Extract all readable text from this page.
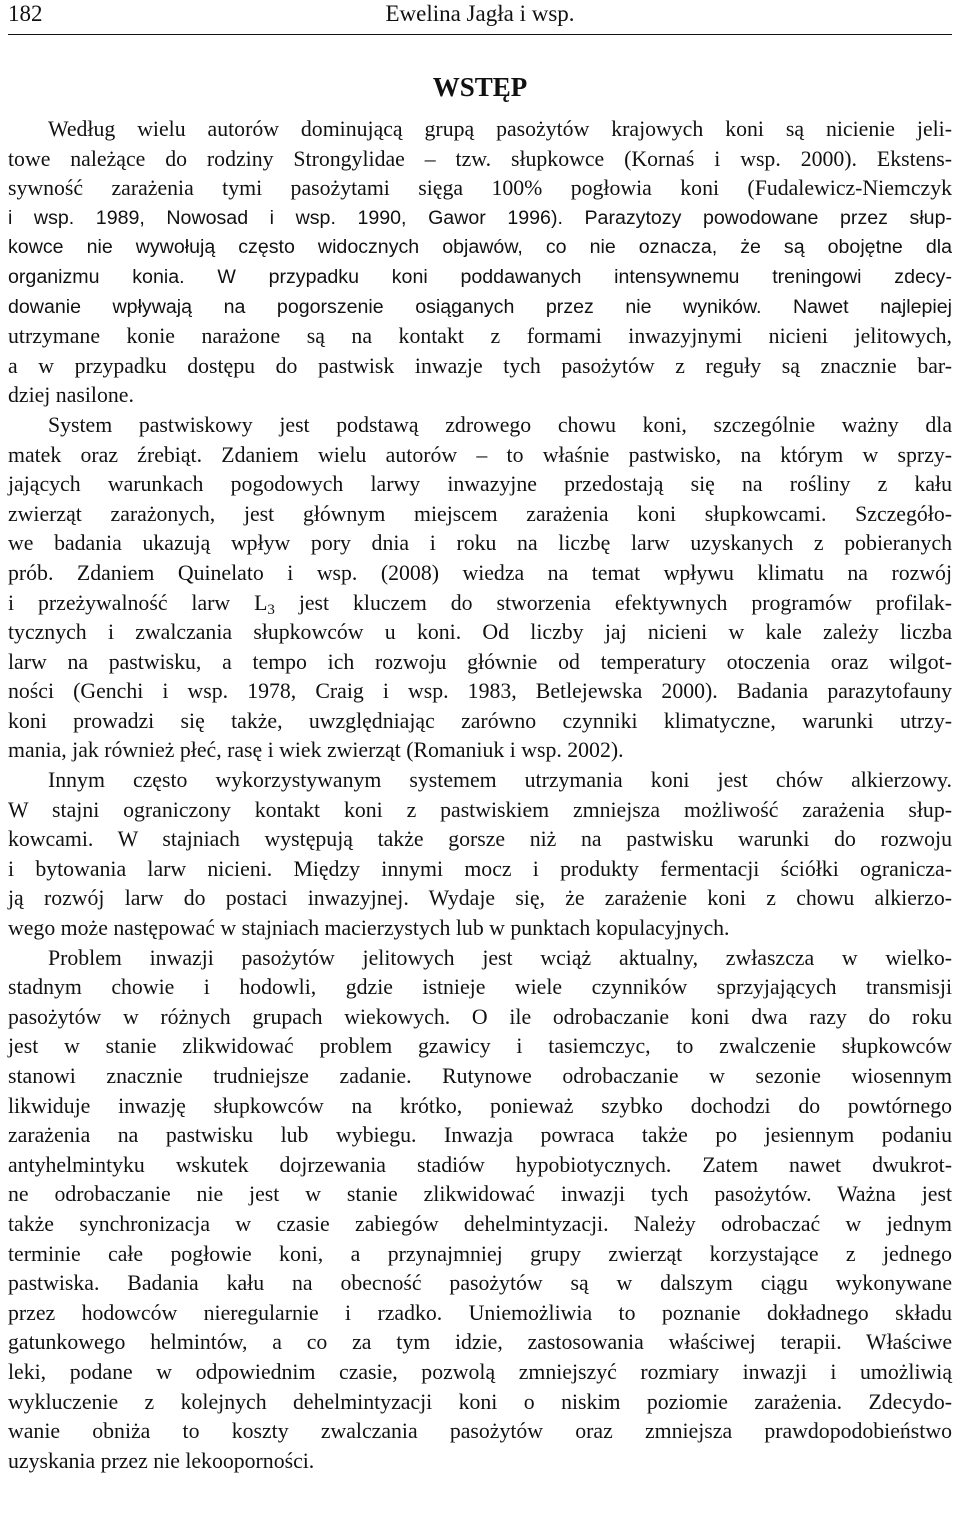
182	Ewelina Jagła i wsp.
WSTĘP
Według wielu autorów dominującą grupą pasożytów krajowych koni są nicienie jeli-
towe należące do rodziny Strongylidae – tzw. słupkowce (Kornaś i wsp. 2000). Ekstens-
sywność zarażenia tymi pasożytami sięga 100% pogłowia koni (Fudalewicz-Niemczyk
i wsp. 1989, Nowosad i wsp. 1990, Gawor 1996). Parazytozy powodowane przez słup-
kowce nie wywołują często widocznych objawów, co nie oznacza, że są obojętne dla
organizmu konia. W przypadku koni poddawanych intensywnemu treningowi zdecy-
dowanie wpływają na pogorszenie osiąganych przez nie wyników. Nawet najlepiej
utrzymane konie narażone są na kontakt z formami inwazyjnymi nicieni jelitowych,
a w przypadku dostępu do pastwisk inwazje tych pasożytów z reguły są znacznie bar-
dziej nasilone.
System pastwiskowy jest podstawą zdrowego chowu koni, szczególnie ważny dla
matek oraz źrebiąt. Zdaniem wielu autorów – to właśnie pastwisko, na którym w sprzy-
jających warunkach pogodowych larwy inwazyjne przedostają się na rośliny z kału
zwierząt zarażonych, jest głównym miejscem zarażenia koni słupkowcami. Szczegóło-
we badania ukazują wpływ pory dnia i roku na liczbę larw uzyskanych z pobieranych
prób. Zdaniem Quinelato i wsp. (2008) wiedza na temat wpływu klimatu na rozwój
i przeżywalność larw $L_3$ jest kluczem do stworzenia efektywnych programów profilak-
tycznych i zwalczania słupkowców u koni. Od liczby jaj nicieni w kale zależy liczba
larw na pastwisku, a tempo ich rozwoju głównie od temperatury otoczenia oraz wilgot-
ności (Genchi i wsp. 1978, Craig i wsp. 1983, Betlejewska 2000). Badania parazytofauny
koni prowadzi się także, uwzględniając zarówno czynniki klimatyczne, warunki utrzy-
mania, jak również płeć, rasę i wiek zwierząt (Romaniuk i wsp. 2002).
Innym często wykorzystywanym systemem utrzymania koni jest chów alkierzowy.
W stajni ograniczony kontakt koni z pastwiskiem zmniejsza możliwość zarażenia słup-
kowcami. W stajniach występują także gorsze niż na pastwisku warunki do rozwoju
i bytowania larw nicieni. Między innymi mocz i produkty fermentacji ściółki ogranicza-
ją rozwój larw do postaci inwazyjnej. Wydaje się, że zarażenie koni z chowu alkierzo-
wego może następować w stajniach macierzystych lub w punktach kopulacyjnych.
Problem inwazji pasożytów jelitowych jest wciąż aktualny, zwłaszcza w wielko-
stadnym chowie i hodowli, gdzie istnieje wiele czynników sprzyjających transmisji
pasożytów w różnych grupach wiekowych. O ile odrobaczanie koni dwa razy do roku
jest w stanie zlikwidować problem gzawicy i tasiemczyc, to zwalczenie słupkowców
stanowi znacznie trudniejsze zadanie. Rutynowe odrobaczanie w sezonie wiosennym
likwiduje inwazję słupkowców na krótko, ponieważ szybko dochodzi do powtórnego
zarażenia na pastwisku lub wybiegu. Inwazja powraca także po jesiennym podaniu
antyhelmintyku wskutek dojrzewania stadiów hypobiotycznych. Zatem nawet dwukrot-
ne odrobaczanie nie jest w stanie zlikwidować inwazji tych pasożytów. Ważna jest
także synchronizacja w czasie zabiegów dehelmintyzacji. Należy odrobaczać w jednym
terminie całe pogłowie koni, a przynajmniej grupy zwierząt korzystające z jednego
pastwiska. Badania kału na obecność pasożytów są w dalszym ciągu wykonywane
przez hodowców nieregularnie i rzadko. Uniemożliwia to poznanie dokładnego składu
gatunkowego helmintów, a co za tym idzie, zastosowania właściwej terapii. Właściwe
leki, podane w odpowiednim czasie, pozwolą zmniejszyć rozmiary inwazji i umożliwią
wykluczenie z kolejnych dehelmintyzacji koni o niskim poziomie zarażenia. Zdecydo-
wanie obniża to koszty zwalczania pasożytów oraz zmniejsza prawdopodobieństwo
uzyskania przez nie lekooporności.
